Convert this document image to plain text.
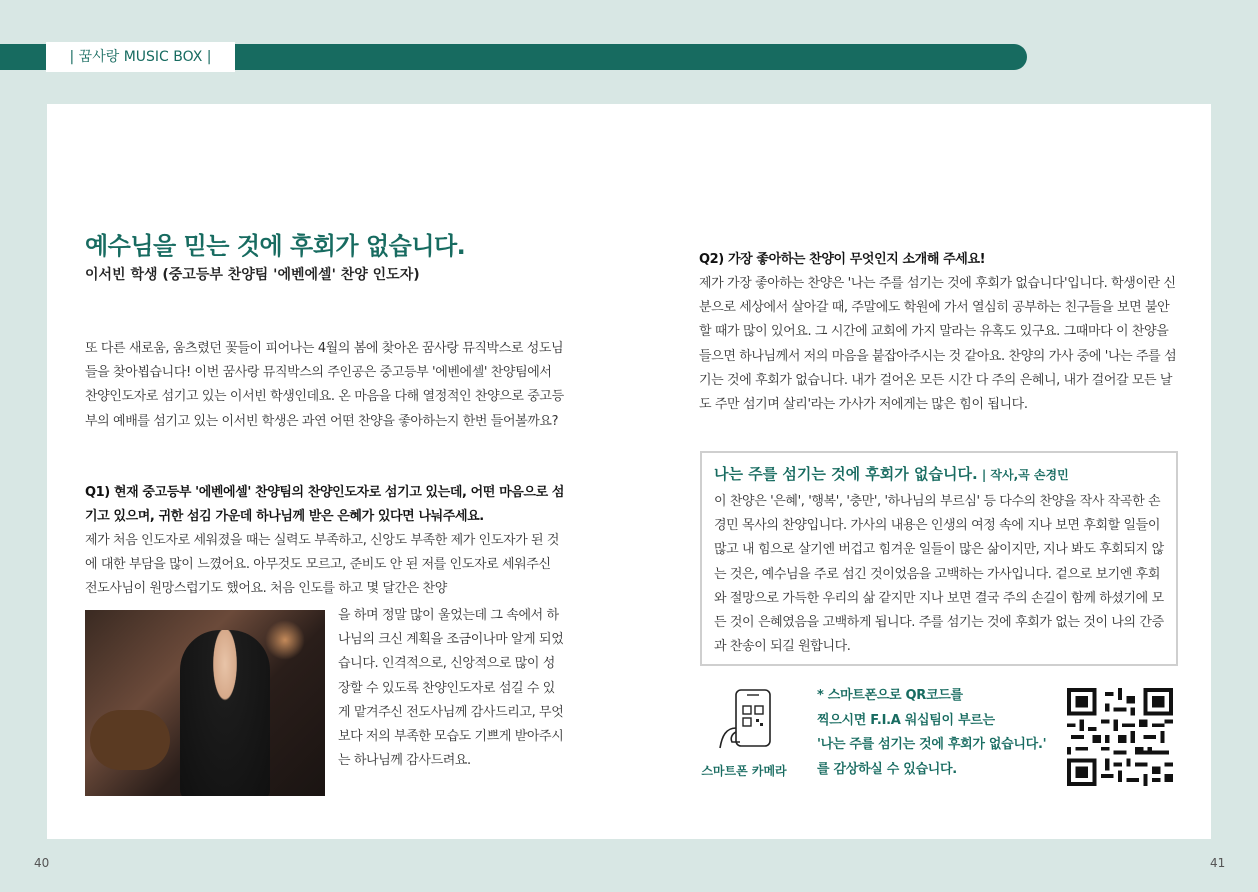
| 꿈사랑 MUSIC BOX |
예수님을 믿는 것에 후회가 없습니다.
이서빈 학생 (중고등부 찬양팀 '에벤에셀' 찬양 인도자)
또 다른 새로움, 움츠렸던 꽃들이 피어나는 4월의 봄에 찾아온 꿈사랑 뮤직박스로 성도님들을 찾아뵙습니다! 이번 꿈사랑 뮤직박스의 주인공은 중고등부 '에벤에셀' 찬양팀에서 찬양인도자로 섬기고 있는 이서빈 학생인데요. 온 마음을 다해 열정적인 찬양으로 중고등부의 예배를 섬기고 있는 이서빈 학생은 과연 어떤 찬양을 좋아하는지 한번 들어볼까요?
Q1) 현재 중고등부 '에벤에셀' 찬양팀의 찬양인도자로 섬기고 있는데, 어떤 마음으로 섬기고 있으며, 귀한 섬김 가운데 하나님께 받은 은혜가 있다면 나눠주세요.
제가 처음 인도자로 세워졌을 때는 실력도 부족하고, 신앙도 부족한 제가 인도자가 된 것에 대한 부담을 많이 느꼈어요. 아무것도 모르고, 준비도 안 된 저를 인도자로 세워주신 전도사님이 원망스럽기도 했어요. 처음 인도를 하고 몇 달간은 찬양
을 하며 정말 많이 울었는데 그 속에서 하나님의 크신 계획을 조금이나마 알게 되었습니다. 인격적으로, 신앙적으로 많이 성장할 수 있도록 찬양인도자로 섬길 수 있게 맡겨주신 전도사님께 감사드리고, 무엇보다 저의 부족한 모습도 기쁘게 받아주시는 하나님께 감사드려요.
Q2) 가장 좋아하는 찬양이 무엇인지 소개해 주세요!
제가 가장 좋아하는 찬양은 '나는 주를 섬기는 것에 후회가 없습니다'입니다. 학생이란 신분으로 세상에서 살아갈 때, 주말에도 학원에 가서 열심히 공부하는 친구들을 보면 불안할 때가 많이 있어요. 그 시간에 교회에 가지 말라는 유혹도 있구요. 그때마다 이 찬양을 들으면 하나님께서 저의 마음을 붙잡아주시는 것 같아요. 찬양의 가사 중에 '나는 주를 섬기는 것에 후회가 없습니다. 내가 걸어온 모든 시간 다 주의 은혜니, 내가 걸어갈 모든 날도 주만 섬기며 살리'라는 가사가 저에게는 많은 힘이 됩니다.
나는 주를 섬기는 것에 후회가 없습니다. | 작사,곡 손경민
이 찬양은 '은혜', '행복', '충만', '하나님의 부르심' 등 다수의 찬양을 작사 작곡한 손경민 목사의 찬양입니다. 가사의 내용은 인생의 여정 속에 지나 보면 후회할 일들이 많고 내 힘으로 살기엔 버겁고 힘겨운 일들이 많은 삶이지만, 지나 봐도 후회되지 않는 것은, 예수님을 주로 섬긴 것이었음을 고백하는 가사입니다. 겉으로 보기엔 후회와 절망으로 가득한 우리의 삶 같지만 지나 보면 결국 주의 손길이 함께 하셨기에 모든 것이 은혜였음을 고백하게 됩니다. 주를 섬기는 것에 후회가 없는 것이 나의 간증과 찬송이 되길 원합니다.
스마트폰 카메라
* 스마트폰으로 QR코드를
찍으시면 F.I.A 워십팀이 부르는
'나는 주를 섬기는 것에 후회가 없습니다.'
를 감상하실 수 있습니다.
40	41
